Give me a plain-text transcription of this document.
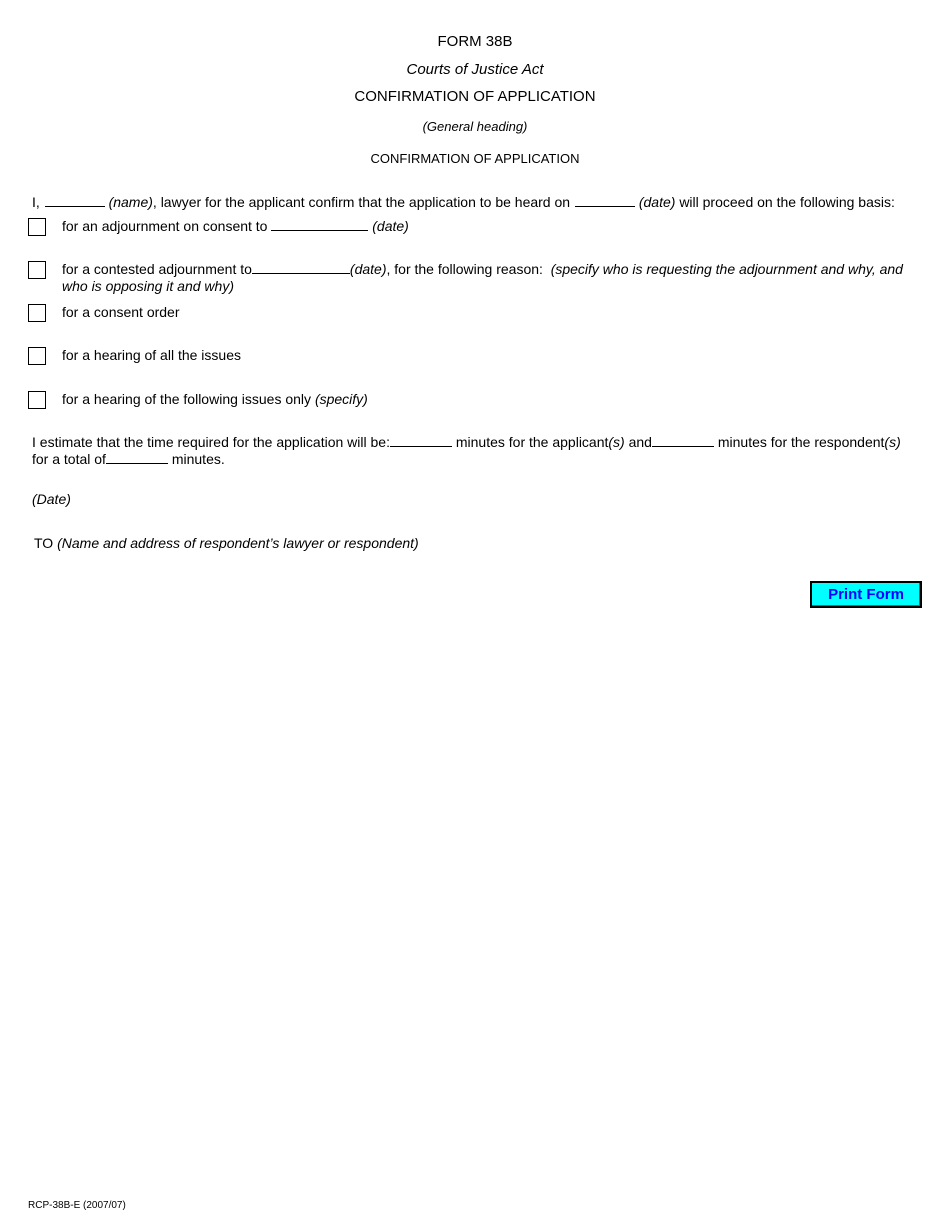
FORM 38B
Courts of Justice Act
CONFIRMATION OF APPLICATION
(General heading)
CONFIRMATION OF APPLICATION
I,	(name), lawyer for the applicant confirm that the application to be heard on	(date) will proceed on the following basis:
for an adjournment on consent to	(date)
for a contested adjournment to	(date), for the following reason: (specify who is requesting the adjournment and why, and
who is opposing it and why)
for a consent order
for a hearing of all the issues
for a hearing of the following issues only (specify)
I estimate that the time required for the application will be:	minutes for the applicant(s) and	minutes for the respondent(s)
for a total of	minutes.
(Date)
TO (Name and address of respondent’s lawyer or respondent)
Print Form
RCP-38B-E (2007/07)
